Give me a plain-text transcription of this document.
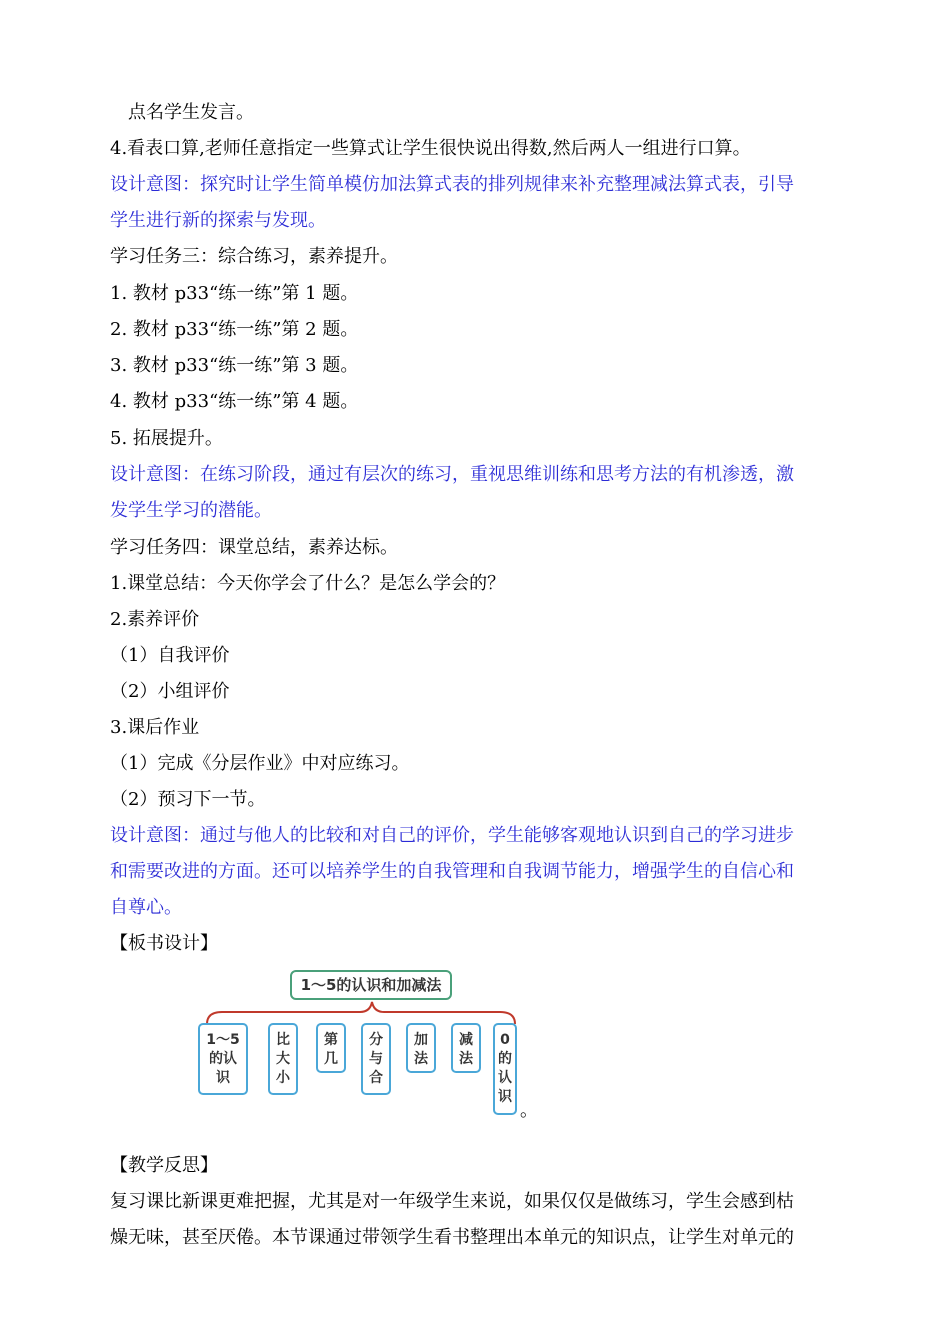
点名学生发言。
4.看表口算,老师任意指定一些算式让学生很快说出得数,然后两人一组进行口算。
设计意图：探究时让学生简单模仿加法算式表的排列规律来补充整理减法算式表，引导
学生进行新的探索与发现。
学习任务三：综合练习，素养提升。
1. 教材 p33“练一练”第 1 题。
2. 教材 p33“练一练”第 2 题。
3. 教材 p33“练一练”第 3 题。
4. 教材 p33“练一练”第 4 题。
5. 拓展提升。
设计意图：在练习阶段，通过有层次的练习，重视思维训练和思考方法的有机渗透，激
发学生学习的潜能。
学习任务四：课堂总结，素养达标。
1.课堂总结：今天你学会了什么？是怎么学会的？
2.素养评价
（1）自我评价
（2）小组评价
3.课后作业
（1）完成《分层作业》中对应练习。
（2）预习下一节。
设计意图：通过与他人的比较和对自己的评价，学生能够客观地认识到自己的学习进步
和需要改进的方面。还可以培养学生的自我管理和自我调节能力，增强学生的自信心和
自尊心。
【板书设计】
1～5的认识和加减法
1～5
的认
识
比
大
小
第
几
分
与
合
加
法
减
法
0
的
认
识
。
【教学反思】
复习课比新课更难把握，尤其是对一年级学生来说，如果仅仅是做练习，学生会感到枯
燥无味，甚至厌倦。本节课通过带领学生看书整理出本单元的知识点，让学生对单元的
